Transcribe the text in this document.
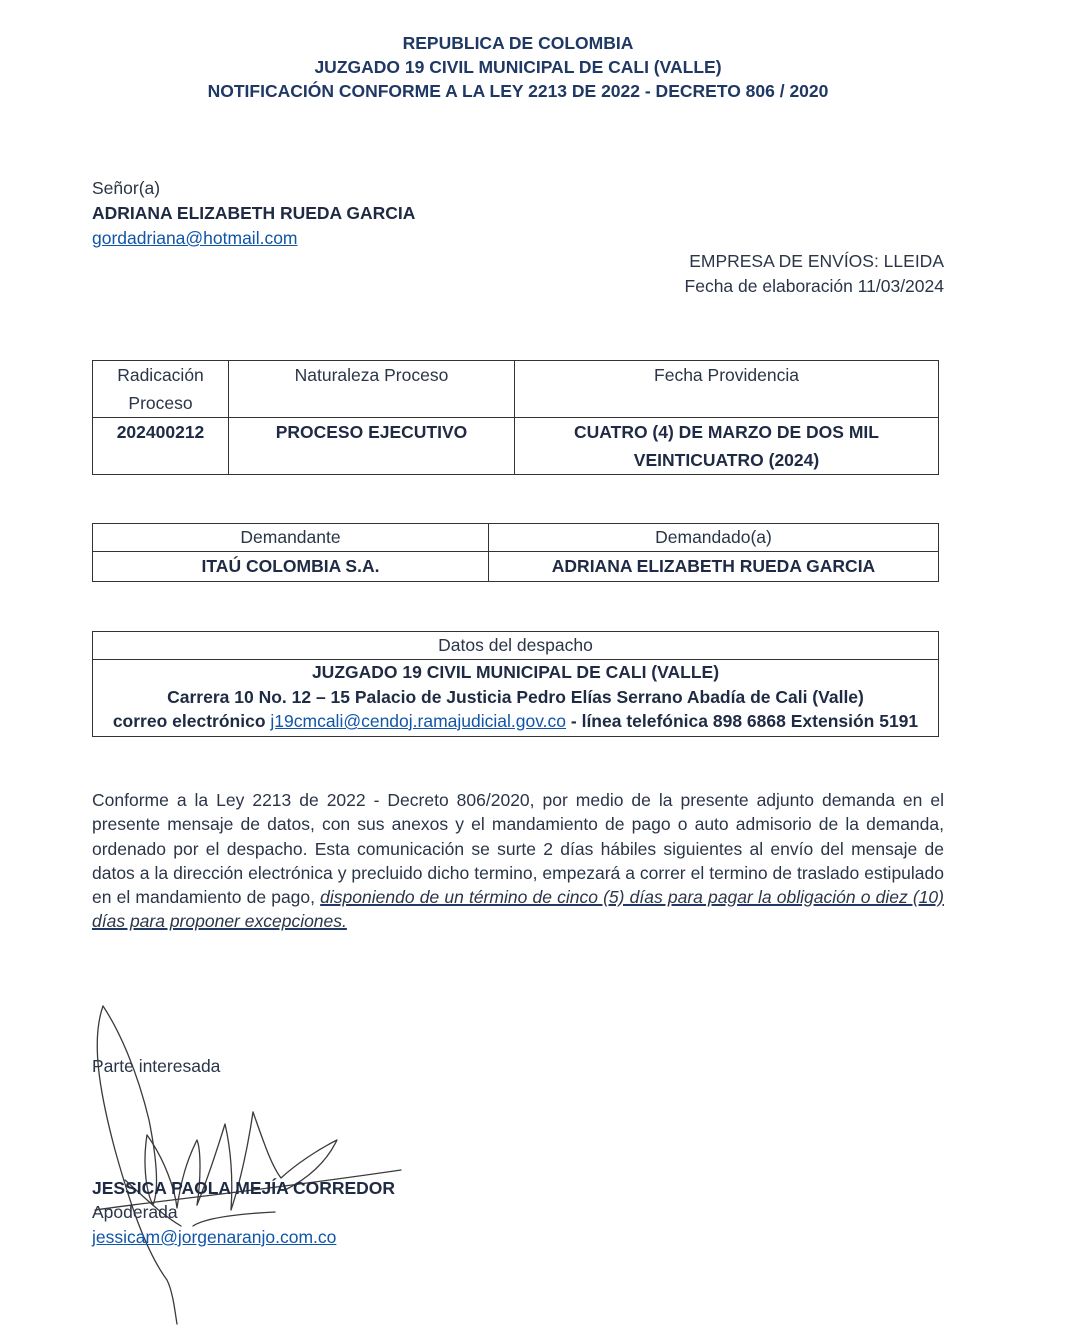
REPUBLICA DE COLOMBIA
JUZGADO 19 CIVIL MUNICIPAL DE CALI (VALLE)
NOTIFICACIÓN CONFORME A LA LEY 2213 DE 2022 - DECRETO 806 / 2020
Señor(a)
ADRIANA ELIZABETH RUEDA GARCIA
gordadriana@hotmail.com
EMPRESA DE ENVÍOS: LLEIDA
Fecha de elaboración 11/03/2024
Radicación
Proceso	Naturaleza Proceso	Fecha Providencia
202400212	PROCESO EJECUTIVO	CUATRO (4) DE MARZO DE DOS MIL
VEINTICUATRO (2024)
Demandante	Demandado(a)
ITAÚ COLOMBIA S.A.	ADRIANA ELIZABETH RUEDA GARCIA
Datos del despacho
JUZGADO 19 CIVIL MUNICIPAL DE CALI (VALLE)
Carrera 10 No. 12 – 15 Palacio de Justicia Pedro Elías Serrano Abadía de Cali (Valle)
correo electrónico j19cmcali@cendoj.ramajudicial.gov.co - línea telefónica 898 6868 Extensión 5191
Conforme a la Ley 2213 de 2022 - Decreto 806/2020, por medio de la presente adjunto demanda en el presente mensaje de datos, con sus anexos y el mandamiento de pago o auto admisorio de la demanda, ordenado por el despacho. Esta comunicación se surte 2 días hábiles siguientes al envío del mensaje de datos a la dirección electrónica y precluido dicho termino, empezará a correr el termino de traslado estipulado en el mandamiento de pago, disponiendo de un término de cinco (5) días para pagar la obligación o diez (10) días para proponer excepciones.
Parte interesada
JESSICA PAOLA MEJÍA CORREDOR
Apoderada
jessicam@jorgenaranjo.com.co
